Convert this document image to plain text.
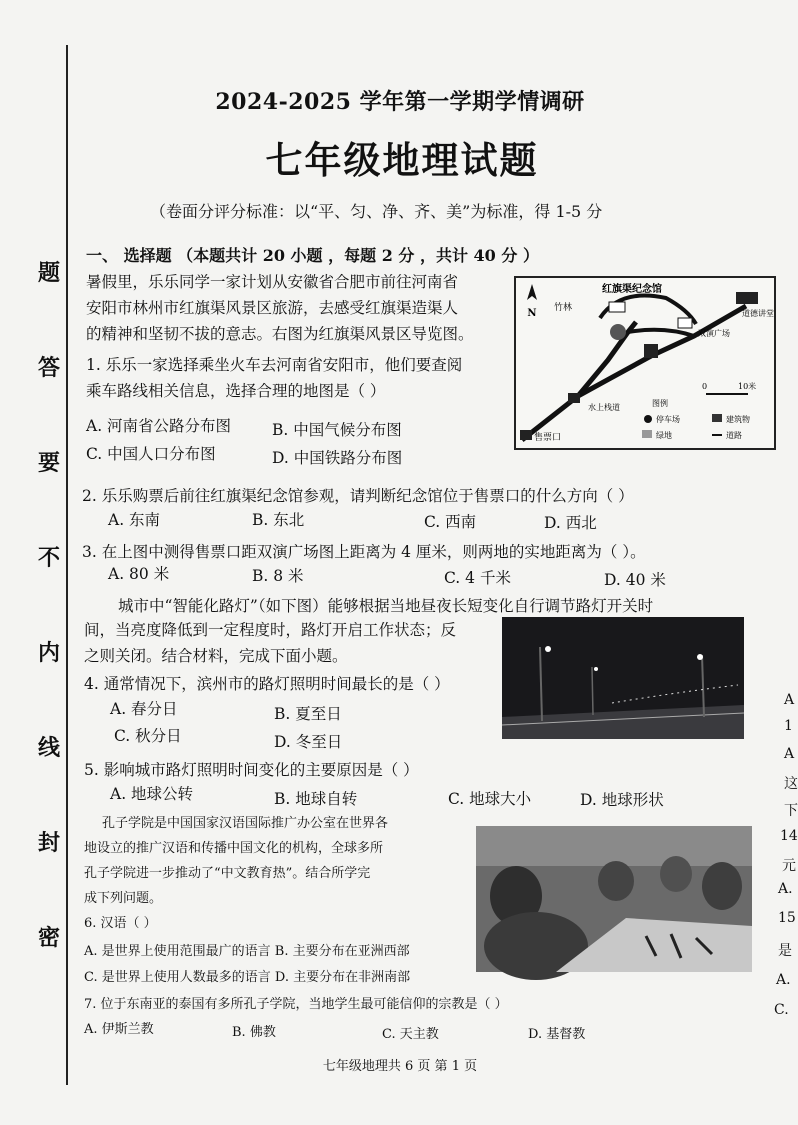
题
答
要
不
内
线
封
密
2024-2025 学年第一学期学情调研
七年级地理试题
（卷面分评分标准：以“平、匀、净、齐、美”为标准，得 1-5 分
一、 选择题 （本题共计 20 小题 ，每题 2 分 ，共计 40 分 ）
暑假里，乐乐同学一家计划从安徽省合肥市前往河南省
安阳市林州市红旗渠风景区旅游，去感受红旗渠造渠人
的精神和坚韧不拔的意志。右图为红旗渠风景区导览图。
N
红旗渠纪念馆
竹林
道德讲堂
双演广场
水上栈道
售票口
图例
停车场	建筑物
绿地	道路
0	10米
1. 乐乐一家选择乘坐火车去河南省安阳市，他们要查阅
乘车路线相关信息，选择合理的地图是（ ）
A. 河南省公路分布图	B. 中国气候分布图
C. 中国人口分布图	D. 中国铁路分布图
2. 乐乐购票后前往红旗渠纪念馆参观，请判断纪念馆位于售票口的什么方向（ ）
A. 东南	B. 东北	C. 西南	D. 西北
3. 在上图中测得售票口距双演广场图上距离为 4 厘米，则两地的实地距离为（ ）。
A. 80 米	B. 8 米	C. 4 千米	D. 40 米
城市中“智能化路灯”（如下图）能够根据当地昼夜长短变化自行调节路灯开关时
间，当亮度降低到一定程度时，路灯开启工作状态；反
之则关闭。结合材料，完成下面小题。
4. 通常情况下，滨州市的路灯照明时间最长的是（ ）
A. 春分日	B. 夏至日
C. 秋分日	D. 冬至日
5. 影响城市路灯照明时间变化的主要原因是（ ）
A. 地球公转	B. 地球自转	C. 地球大小	D. 地球形状
孔子学院是中国国家汉语国际推广办公室在世界各
地设立的推广汉语和传播中国文化的机构，全球多所
孔子学院进一步推动了“中文教育热”。结合所学完
成下列问题。
6. 汉语（ ）
A. 是世界上使用范围最广的语言 B. 主要分布在亚洲西部
C. 是世界上使用人数最多的语言 D. 主要分布在非洲南部
7. 位于东南亚的泰国有多所孔子学院，当地学生最可能信仰的宗教是（ ）
A. 伊斯兰教	B. 佛教	C. 天主教	D. 基督教
A
1
A
这
下
14
元
A.
15
是
A.
C.
七年级地理共 6 页 第 1 页
